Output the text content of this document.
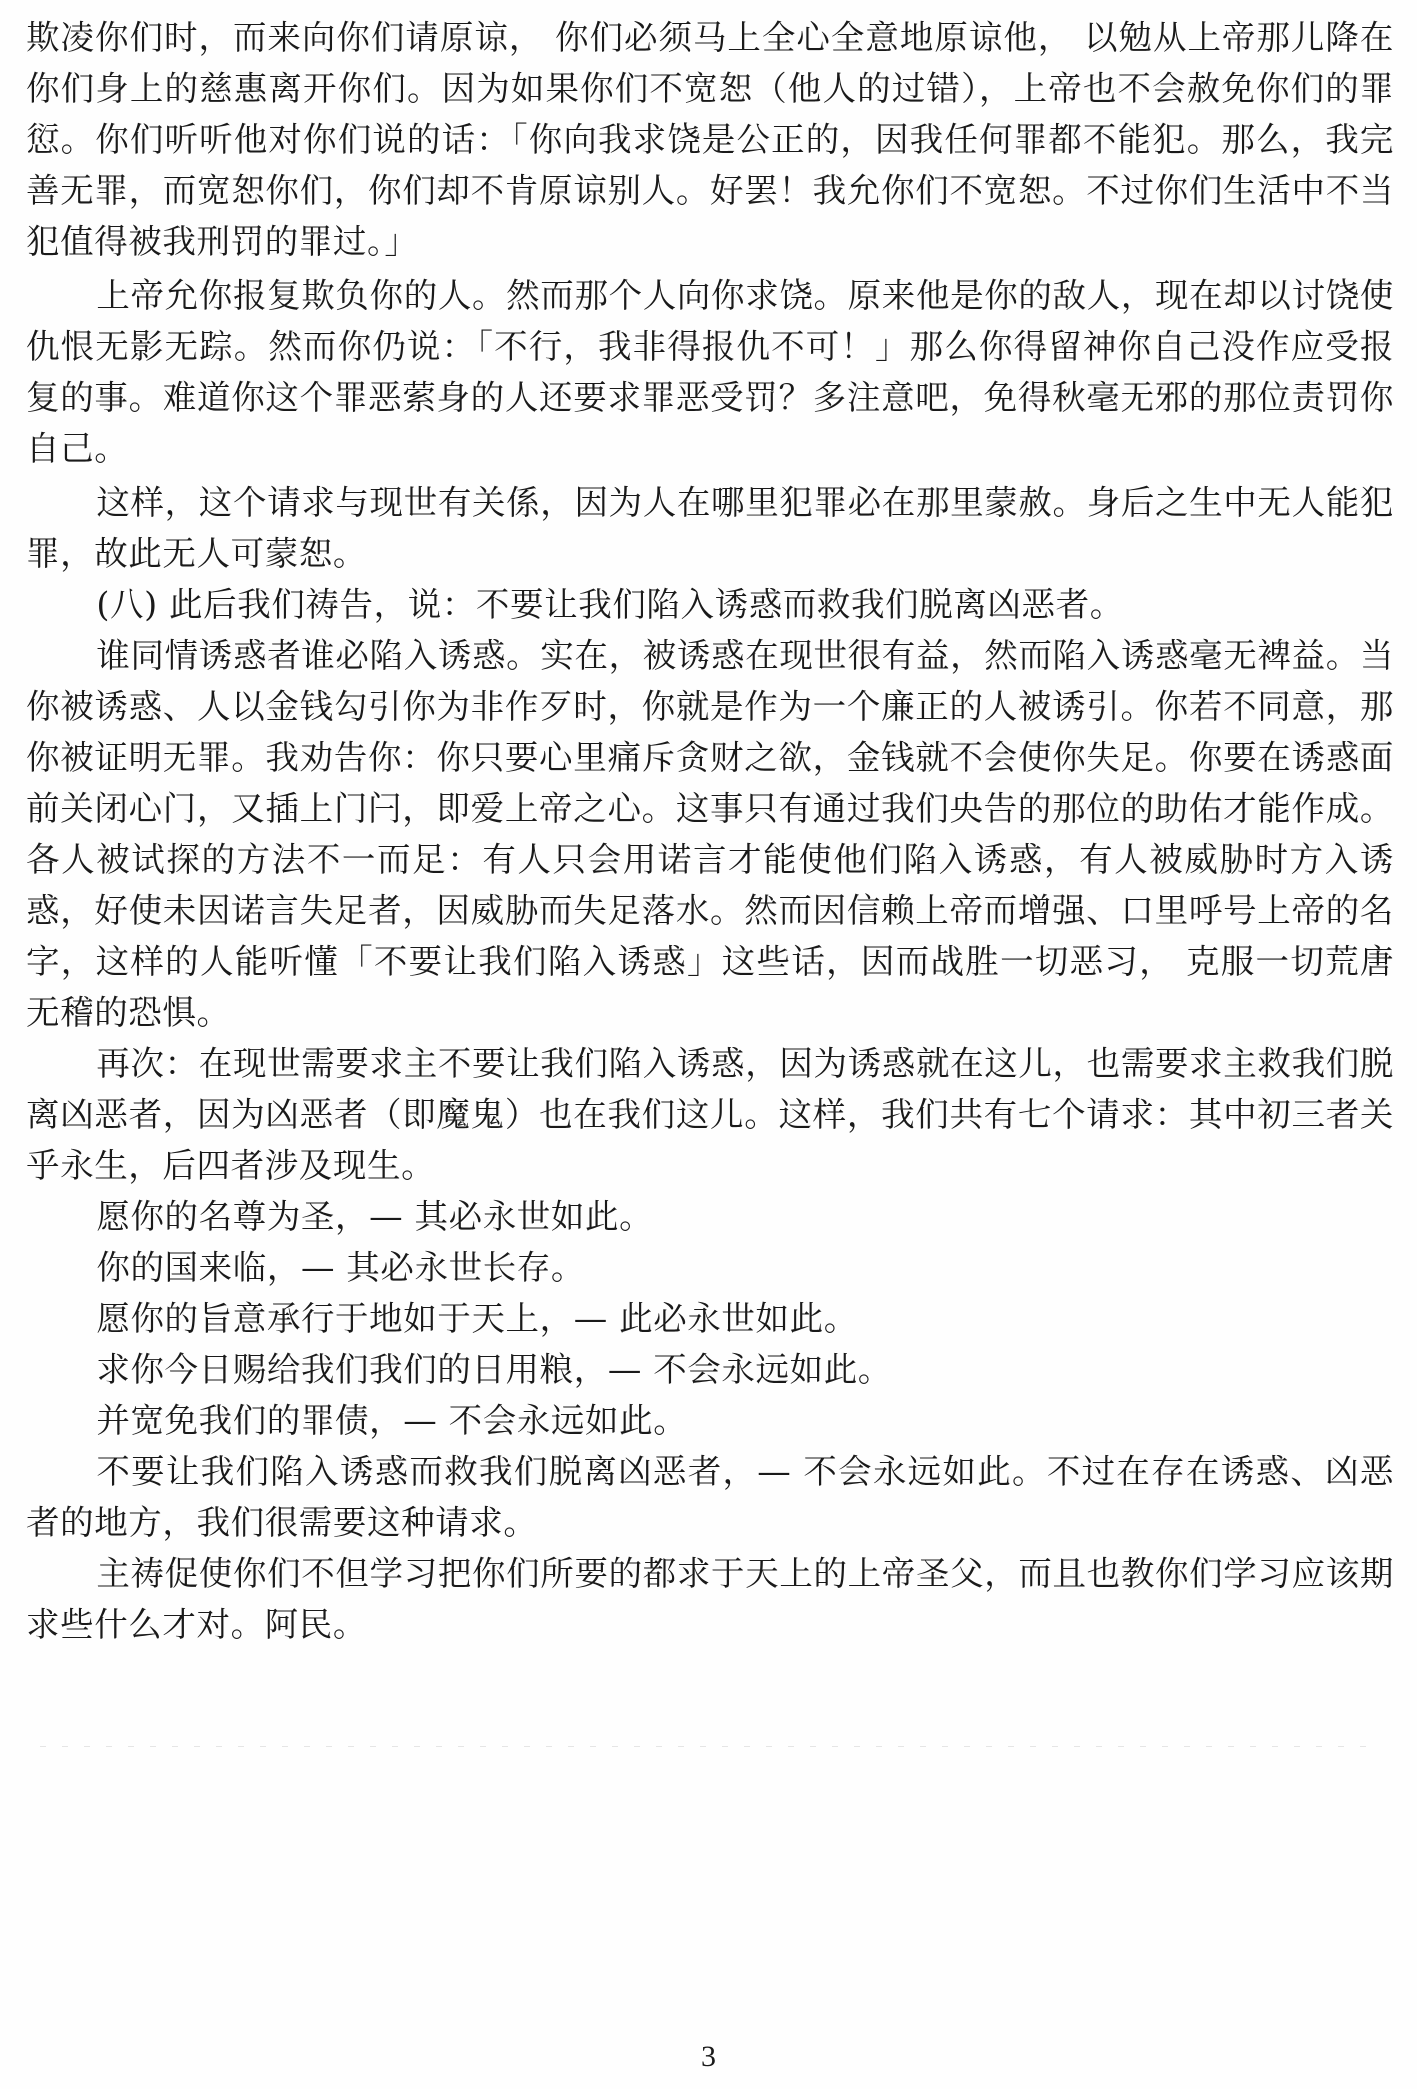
欺凌你们时，而来向你们请原谅， 你们必须马上全心全意地原谅他， 以勉从上帝那儿降在你们身上的慈惠离开你们。因为如果你们不宽恕（他人的过错），上帝也不会赦免你们的罪愆。你们听听他对你们说的话：「你向我求饶是公正的，因我任何罪都不能犯。那么，我完善无罪，而宽恕你们，你们却不肯原谅别人。好罢！我允你们不宽恕。不过你们生活中不当犯值得被我刑罚的罪过。」

上帝允你报复欺负你的人。然而那个人向你求饶。原来他是你的敌人，现在却以讨饶使仇恨无影无踪。然而你仍说：「不行，我非得报仇不可！」那么你得留神你自己没作应受报复的事。难道你这个罪恶萦身的人还要求罪恶受罚？多注意吧，免得秋毫无邪的那位责罚你自己。

这样，这个请求与现世有关係，因为人在哪里犯罪必在那里蒙赦。身后之生中无人能犯罪，故此无人可蒙恕。

(八) 此后我们祷告，说：不要让我们陷入诱惑而救我们脱离凶恶者。

谁同情诱惑者谁必陷入诱惑。实在，被诱惑在现世很有益，然而陷入诱惑毫无裨益。当你被诱惑、人以金钱勾引你为非作歹时，你就是作为一个廉正的人被诱引。你若不同意，那你被证明无罪。我劝告你：你只要心里痛斥贪财之欲，金钱就不会使你失足。你要在诱惑面前关闭心门，又插上门闩，即爱上帝之心。这事只有通过我们央告的那位的助佑才能作成。各人被试探的方法不一而足：有人只会用诺言才能使他们陷入诱惑，有人被威胁时方入诱惑，好使未因诺言失足者，因威胁而失足落水。然而因信赖上帝而增强、口里呼号上帝的名字，这样的人能听懂「不要让我们陷入诱惑」这些话，因而战胜一切恶习， 克服一切荒唐无稽的恐惧。

再次：在现世需要求主不要让我们陷入诱惑，因为诱惑就在这儿，也需要求主救我们脱离凶恶者，因为凶恶者（即魔鬼）也在我们这儿。这样，我们共有七个请求：其中初三者关乎永生，后四者涉及现生。

愿你的名尊为圣，— 其必永世如此。

你的国来临，— 其必永世长存。

愿你的旨意承行于地如于天上，— 此必永世如此。

求你今日赐给我们我们的日用粮，— 不会永远如此。

并宽免我们的罪债，— 不会永远如此。

不要让我们陷入诱惑而救我们脱离凶恶者，— 不会永远如此。不过在存在诱惑、凶恶者的地方，我们很需要这种请求。

主祷促使你们不但学习把你们所要的都求于天上的上帝圣父，而且也教你们学习应该期求些什么才对。阿民。

3
